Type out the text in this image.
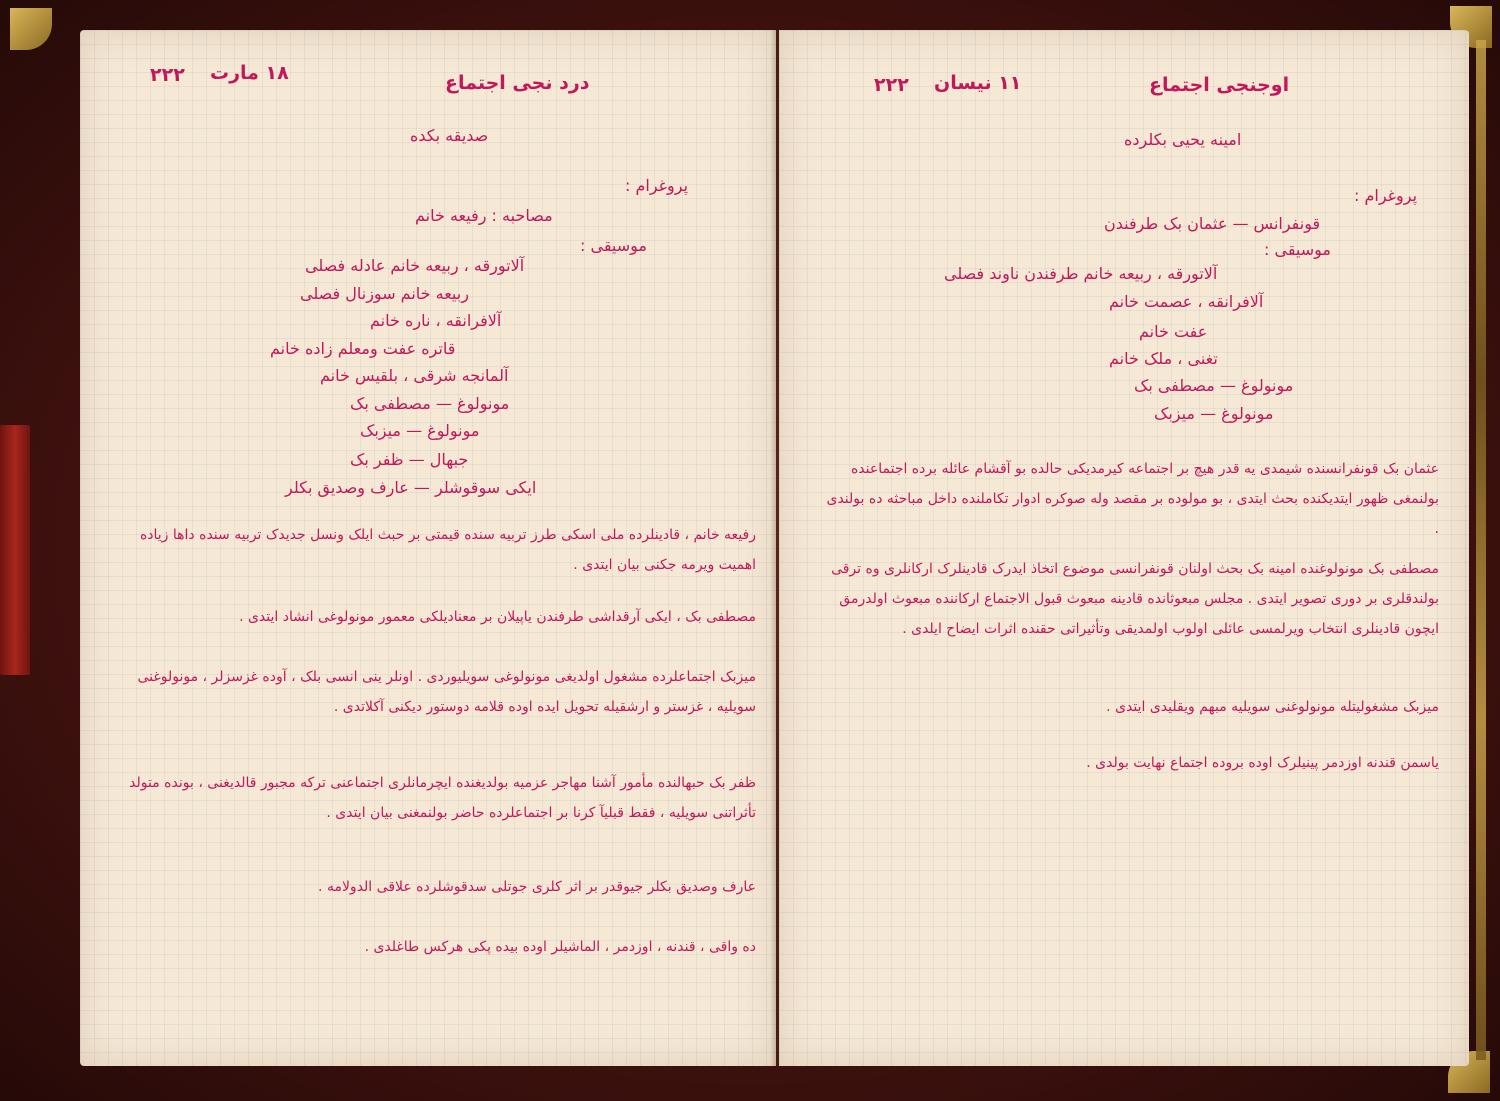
۲۲۲ ۱۸ مارت	درد نجی اجتماع
صدیقه بکده
پروغرام :
مصاحبه : رفیعه خانم
موسیقی :
آلاتورقه ، ربیعه خانم عادله فصلی
ربیعه خانم سوزنال فصلی
آلافرانقه ، ناره خانم
قاتره عفت ومعلم زاده خانم
آلمانجه شرقی ، بلقیس خانم
مونولوغ — مصطفی بک
مونولوغ — میزبک
جبهال — ظفر بک
ایکی سوقوشلر — عارف وصدیق بکلر
رفیعه خانم ، قادینلرده ملی اسکی طرز تربیه سنده قیمتی بر حبث ایلک ونسل جدیدک تربیه سنده داها زیاده اهمیت ویرمه جکنی بیان ایتدی .
مصطفی بک ، ایکی آرقداشی طرفندن یاپیلان بر معنادیلکی معمور مونولوغی انشاد ایتدی .
میزبک اجتماعلرده مشغول اولدیغی مونولوغی سویلیوردی . اونلر ینی انسی بلک ، آوده غزسزلر ، مونولوغنی سویلیه ، غزستر و ارشقیله تحویل ایده اوده قلامه دوستور دیکنی آکلاتدی .
ظفر بک حبهالنده مأمور آشنا مهاجر عزمیه بولدیغنده ایچرمانلری اجتماعنی ترکه مجبور قالدیغنی ، بونده متولد تأثراتنی سویلیه ، فقط قبلیآ کرنا بر اجتماعلرده حاضر بولنمغنی بیان ایتدی .
عارف وصدیق بکلر جیوقدر بر اثر کلری جوتلی سدقوشلرده علاقی الدولامه .
ده واقی ، قندنه ، اوزدمر ، الماشیلر اوده بیده پکی هرکس طاغلدی .
۲۲۲ ۱۱ نیسان	اوجنجی اجتماع
امینه یحیی بکلرده
پروغرام :
قونفرانس — عثمان بک طرفندن
موسیقی :
آلاتورقه ، ربیعه خانم طرفندن ناوند فصلی
آلافرانقه ، عصمت خانم
عفت خانم
تغنی ، ملک خانم
مونولوغ — مصطفی بک
مونولوغ — میزبک
عثمان بک قونفرانسنده شیمدی یه قدر هیچ بر اجتماعه کیرمدیکی حالده بو آقشام عائله برده اجتماعنده بولنمغی ظهور ایتدیکنده بحث ایتدی ، بو مولوده بر مقصد وله صوکره ادوار تکاملنده داخل مباحثه ده بولندی .
مصطفی بک مونولوغنده امینه بک بحث اولنان قونفرانسی موضوع اتخاذ ایدرک قادینلرک ارکانلری وه ترقی بولندقلری بر دوری تصویر ایتدی . مجلس مبعوثانده قادینه مبعوث قبول الاجتماع ارکاننده مبعوث اولدرمق ایچون قادینلری انتخاب ویرلمسی عائلی اولوب اولمدیقی وتأثیراتی حقنده اثرات ایضاح ایلدی .
میزبک مشغولیتله مونولوغنی سویلیه مبهم ویقلیدی ایتدی .
یاسمن قندنه اوزدمر پینیلرک اوده بروده اجتماع نهایت بولدی .
